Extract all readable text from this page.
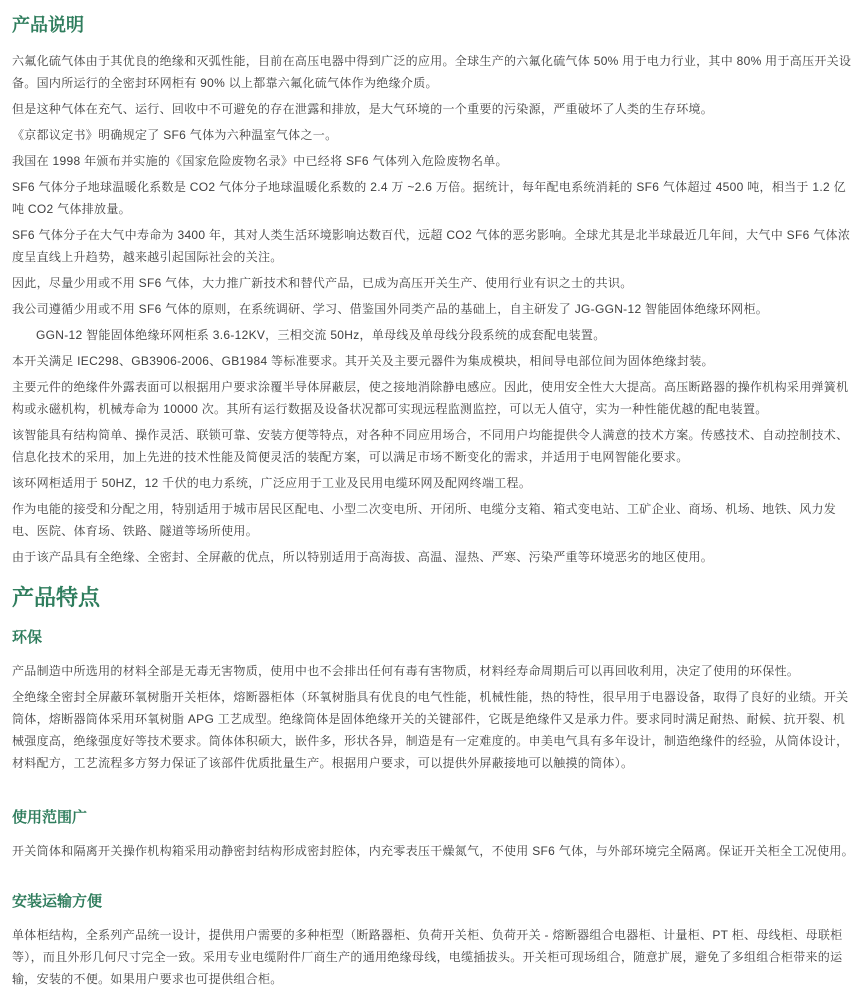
产品说明

六氟化硫气体由于其优良的绝缘和灭弧性能，目前在高压电器中得到广泛的应用。全球生产的六氟化硫气体 50% 用于电力行业，其中 80% 用于高压开关设备。国内所运行的全密封环网柜有 90% 以上都靠六氟化硫气体作为绝缘介质。

但是这种气体在充气、运行、回收中不可避免的存在泄露和排放，是大气环境的一个重要的污染源，严重破坏了人类的生存环境。

《京都议定书》明确规定了 SF6 气体为六种温室气体之一。

我国在 1998 年颁布并实施的《国家危险废物名录》中已经将 SF6 气体列入危险废物名单。

SF6 气体分子地球温暖化系数是 CO2 气体分子地球温暖化系数的 2.4 万 ~2.6 万倍。据统计，每年配电系统消耗的 SF6 气体超过 4500 吨，相当于 1.2 亿吨 CO2 气体排放量。

SF6 气体分子在大气中寿命为 3400 年，其对人类生活环境影响达数百代，远超 CO2 气体的恶劣影响。全球尤其是北半球最近几年间，大气中 SF6 气体浓度呈直线上升趋势，越来越引起国际社会的关注。

因此，尽量少用或不用 SF6 气体，大力推广新技术和替代产品，已成为高压开关生产、使用行业有识之士的共识。

我公司遵循少用或不用 SF6 气体的原则，在系统调研、学习、借鉴国外同类产品的基础上，自主研发了 JG-GGN-12 智能固体绝缘环网柜。

GGN-12 智能固体绝缘环网柜系 3.6-12KV，三相交流 50Hz，单母线及单母线分段系统的成套配电装置。

本开关满足 IEC298、GB3906-2006、GB1984 等标准要求。其开关及主要元器件为集成模块，相间导电部位间为固体绝缘封装。

主要元件的绝缘件外露表面可以根据用户要求涂覆半导体屏蔽层，使之接地消除静电感应。因此，使用安全性大大提高。高压断路器的操作机构采用弹簧机构或永磁机构，机械寿命为 10000 次。其所有运行数据及设备状况都可实现远程监测监控，可以无人值守，实为一种性能优越的配电装置。

该智能具有结构简单、操作灵活、联锁可靠、安装方便等特点，对各种不同应用场合，不同用户均能提供令人满意的技术方案。传感技术、自动控制技术、信息化技术的采用，加上先进的技术性能及简便灵活的装配方案，可以满足市场不断变化的需求，并适用于电网智能化要求。

该环网柜适用于 50HZ，12 千伏的电力系统，广泛应用于工业及民用电缆环网及配网终端工程。

作为电能的接受和分配之用，特别适用于城市居民区配电、小型二次变电所、开闭所、电缆分支箱、箱式变电站、工矿企业、商场、机场、地铁、风力发电、医院、体育场、铁路、隧道等场所使用。

由于该产品具有全绝缘、全密封、全屏蔽的优点，所以特别适用于高海拔、高温、湿热、严寒、污染严重等环境恶劣的地区使用。

产品特点
环保

产品制造中所选用的材料全部是无毒无害物质，使用中也不会排出任何有毒有害物质，材料经寿命周期后可以再回收利用，决定了使用的环保性。

全绝缘全密封全屏蔽环氧树脂开关柜体，熔断器柜体（环氧树脂具有优良的电气性能，机械性能，热的特性，很早用于电器设备，取得了良好的业绩。开关筒体，熔断器筒体采用环氧树脂 APG 工艺成型。绝缘筒体是固体绝缘开关的关键部件，它既是绝缘件又是承力件。要求同时满足耐热、耐候、抗开裂、机械强度高，绝缘强度好等技术要求。筒体体积硕大，嵌件多，形状各异，制造是有一定难度的。申美电气具有多年设计，制造绝缘件的经验，从筒体设计，材料配方，工艺流程多方努力保证了该部件优质批量生产。根据用户要求，可以提供外屏蔽接地可以触摸的筒体）。

使用范围广

开关筒体和隔离开关操作机构箱采用动静密封结构形成密封腔体，内充零表压干燥氮气，不使用 SF6 气体，与外部环境完全隔离。保证开关柜全工况使用。

安装运输方便

单体柜结构，全系列产品统一设计，提供用户需要的多种柜型（断路器柜、负荷开关柜、负荷开关 - 熔断器组合电器柜、计量柜、PT 柜、母线柜、母联柜等），而且外形几何尺寸完全一致。采用专业电缆附件厂商生产的通用绝缘母线，电缆插拔头。开关柜可现场组合，随意扩展，避免了多组组合柜带来的运输，安装的不便。如果用户要求也可提供组合柜。
